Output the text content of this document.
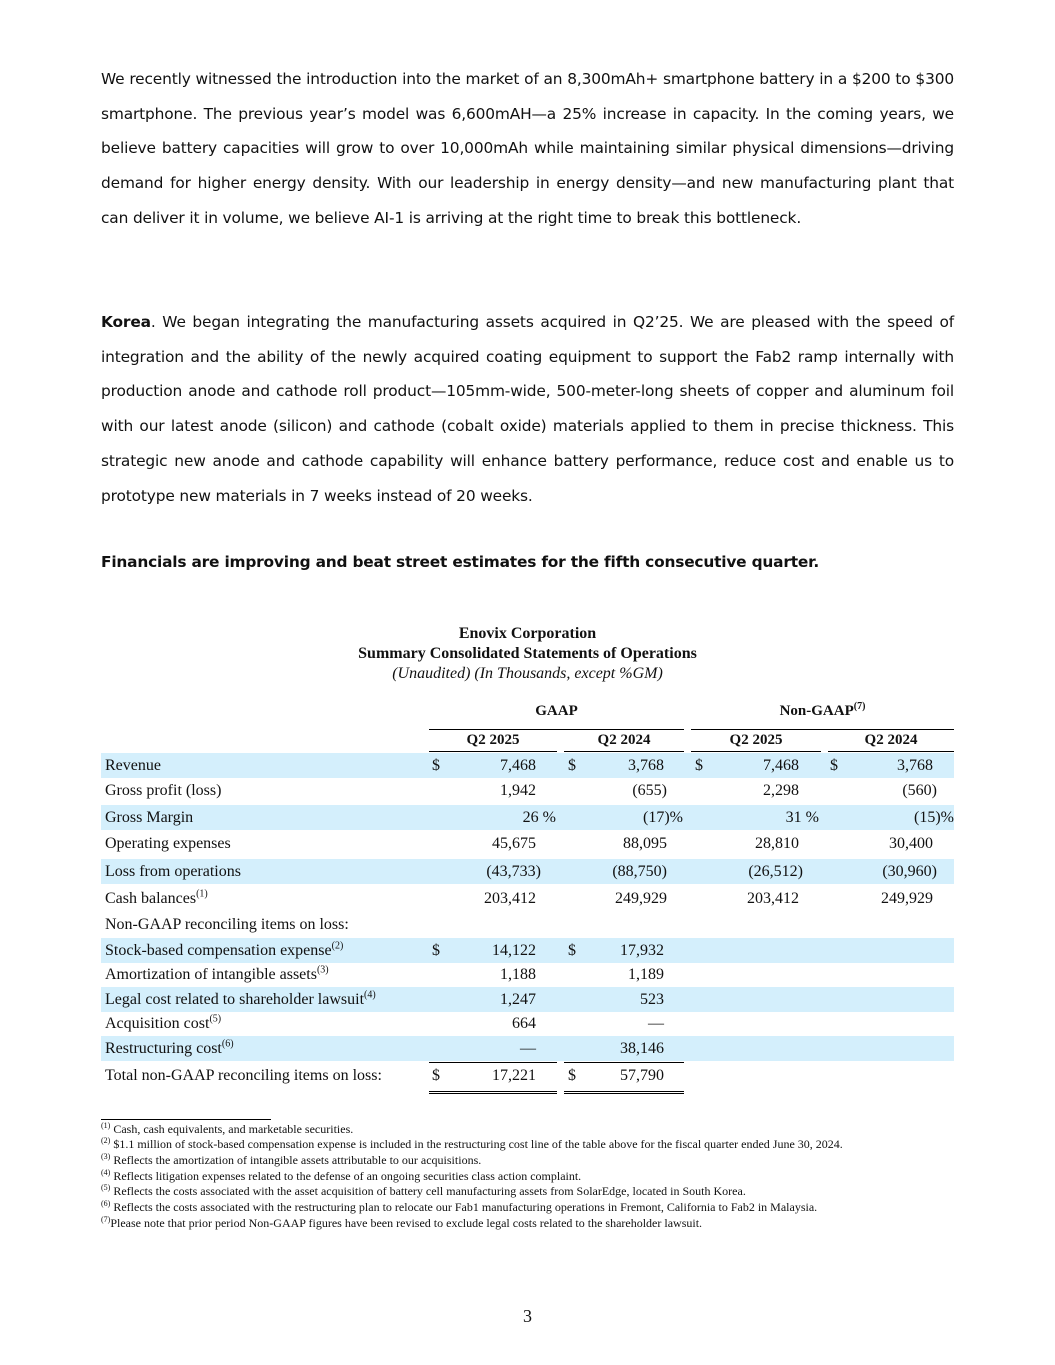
We recently witnessed the introduction into the market of an 8,300mAh+ smartphone battery in a $200 to $300 smartphone. The previous year’s model was 6,600mAH—a 25% increase in capacity. In the coming years, we believe battery capacities will grow to over 10,000mAh while maintaining similar physical dimensions—driving demand for higher energy density. With our leadership in energy density—and new manufacturing plant that can deliver it in volume, we believe AI-1 is arriving at the right time to break this bottleneck.

Korea. We began integrating the manufacturing assets acquired in Q2’25. We are pleased with the speed of integration and the ability of the newly acquired coating equipment to support the Fab2 ramp internally with production anode and cathode roll product—105mm-wide, 500-meter-long sheets of copper and aluminum foil with our latest anode (silicon) and cathode (cobalt oxide) materials applied to them in precise thickness. This strategic new anode and cathode capability will enhance battery performance, reduce cost and enable us to prototype new materials in 7 weeks instead of 20 weeks.

Financials are improving and beat street estimates for the fifth consecutive quarter.
Enovix Corporation
Summary Consolidated Statements of Operations
(Unaudited) (In Thousands, except %GM)
GAAP	Non-GAAP$^{(7)}$
Q2 2025	Q2 2024	Q2 2025	Q2 2024
Revenue	$	7,468 $	3,768 $	7,468 $	3,768
Gross profit (loss)	1,942	(655)	2,298	(560)
Gross Margin	26 %	(17)%	31 %	(15)%
Operating expenses	45,675	88,095	28,810	30,400
Loss from operations	(43,733)	(88,750)	(26,512)	(30,960)
Cash balances$^{(1)}$	203,412	249,929	203,412	249,929
Non-GAAP reconciling items on loss:
Stock-based compensation expense$^{(2)}$	$	14,122 $	17,932
Amortization of intangible assets$^{(3)}$	1,188	1,189
Legal cost related to shareholder lawsuit$^{(4)}$	1,247	523
Acquisition cost$^{(5)}$	664	—
Restructuring cost$^{(6)}$	—	38,146
Total non-GAAP reconciling items on loss:	$	17,221 $	57,790
$^{(1)}$ Cash, cash equivalents, and marketable securities.
$^{(2)}$ $1.1 million of stock-based compensation expense is included in the restructuring cost line of the table above for the fiscal quarter ended June 30, 2024.
$^{(3)}$ Reflects the amortization of intangible assets attributable to our acquisitions.
$^{(4)}$ Reflects litigation expenses related to the defense of an ongoing securities class action complaint.
$^{(5)}$ Reflects the costs associated with the asset acquisition of battery cell manufacturing assets from SolarEdge, located in South Korea.
$^{(6)}$ Reflects the costs associated with the restructuring plan to relocate our Fab1 manufacturing operations in Fremont, California to Fab2 in Malaysia.
$^{(7)}$Please note that prior period Non-GAAP figures have been revised to exclude legal costs related to the shareholder lawsuit.
3
